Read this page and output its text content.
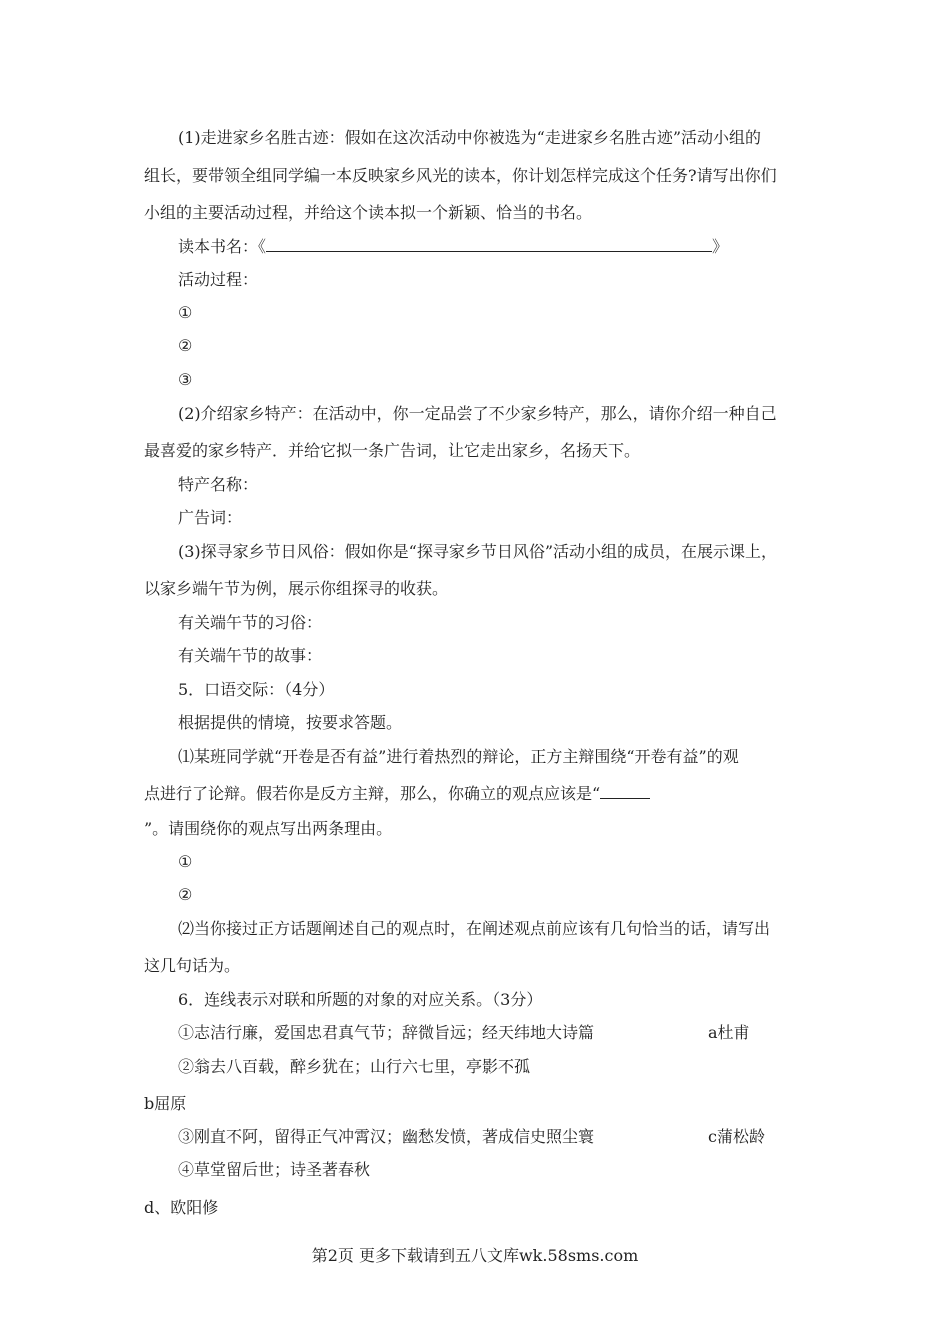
(1)走进家乡名胜古迹：假如在这次活动中你被选为“走进家乡名胜古迹”活动小组的
组长，要带领全组同学编一本反映家乡风光的读本，你计划怎样完成这个任务?请写出你们
小组的主要活动过程，并给这个读本拟一个新颖、恰当的书名。
读本书名：《	》
活动过程：
①
②
③
(2)介绍家乡特产：在活动中，你一定品尝了不少家乡特产，那么，请你介绍一种自己
最喜爱的家乡特产．并给它拟一条广告词，让它走出家乡，名扬天下。
特产名称：
广告词：
(3)探寻家乡节日风俗：假如你是“探寻家乡节日风俗”活动小组的成员，在展示课上，
以家乡端午节为例，展示你组探寻的收获。
有关端午节的习俗：
有关端午节的故事：
5．口语交际：（4分）
根据提供的情境，按要求答题。
⑴某班同学就“开卷是否有益”进行着热烈的辩论，正方主辩围绕“开卷有益”的观
点进行了论辩。假若你是反方主辩，那么，你确立的观点应该是“
”。请围绕你的观点写出两条理由。
①
②
⑵当你接过正方话题阐述自己的观点时，在阐述观点前应该有几句恰当的话，请写出
这几句话为。
6．连线表示对联和所题的对象的对应关系。（3分）
①志洁行廉，爱国忠君真气节；辞微旨远；经天纬地大诗篇	a杜甫
②翁去八百载，醉乡犹在；山行六七里，亭影不孤
b屈原
③刚直不阿，留得正气冲霄汉；幽愁发愤，著成信史照尘寰	c蒲松龄
④草堂留后世；诗圣著春秋
d、欧阳修
第2页 更多下载请到五八文库wk.58sms.com
